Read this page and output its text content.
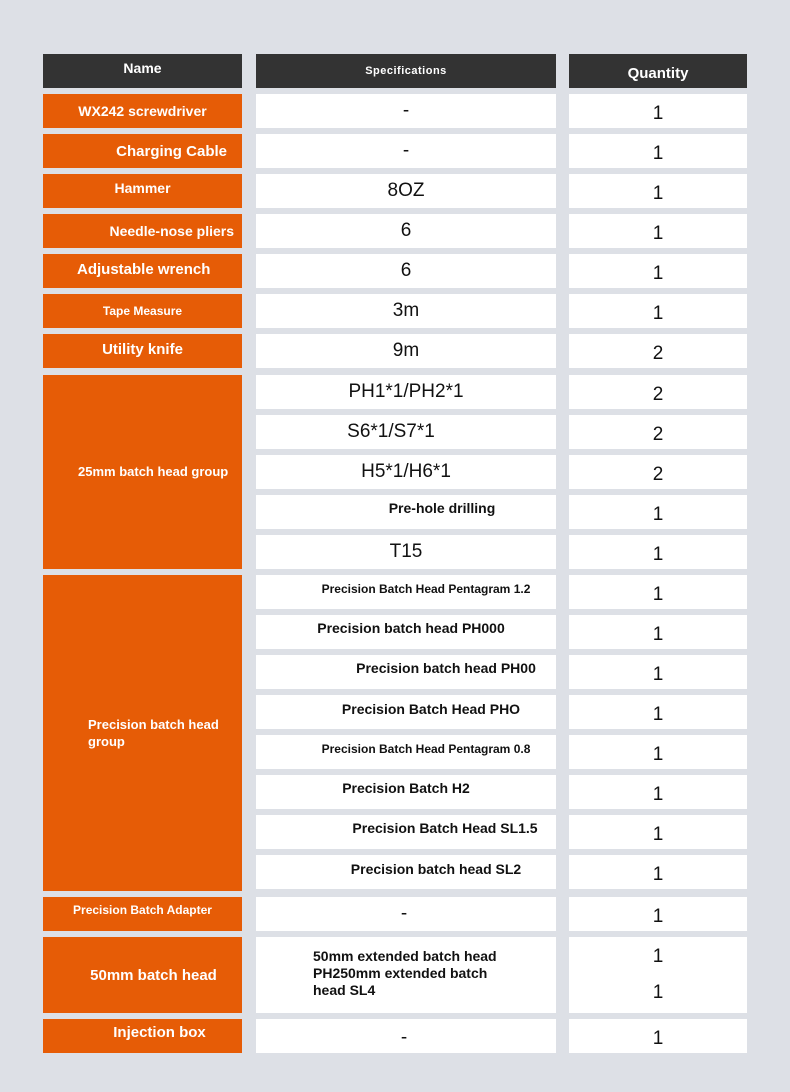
Name	Specifications	Quantity
WX242 screwdriver
Charging Cable
Hammer
Needle-nose pliers
Adjustable wrench
Tape Measure
Utility knife
25mm batch head group
Precision batch head group
Precision Batch Adapter
50mm batch head
Injection box
-
-
8OZ
6
6
3m
9m
PH1*1/PH2*1
S6*1/S7*1
H5*1/H6*1
Pre-hole drilling
T15
Precision Batch Head Pentagram 1.2
Precision batch head PH000
Precision batch head PH00
Precision Batch Head PHO
Precision Batch Head Pentagram 0.8
Precision Batch H2
Precision Batch Head SL1.5
Precision batch head SL2
-
50mm extended batch head PH250mm extended batch head SL4
-
1
1
1
1
1
1
2
2
2
2
1
1
1
1
1
1
1
1
1
1
1
1
1
1
